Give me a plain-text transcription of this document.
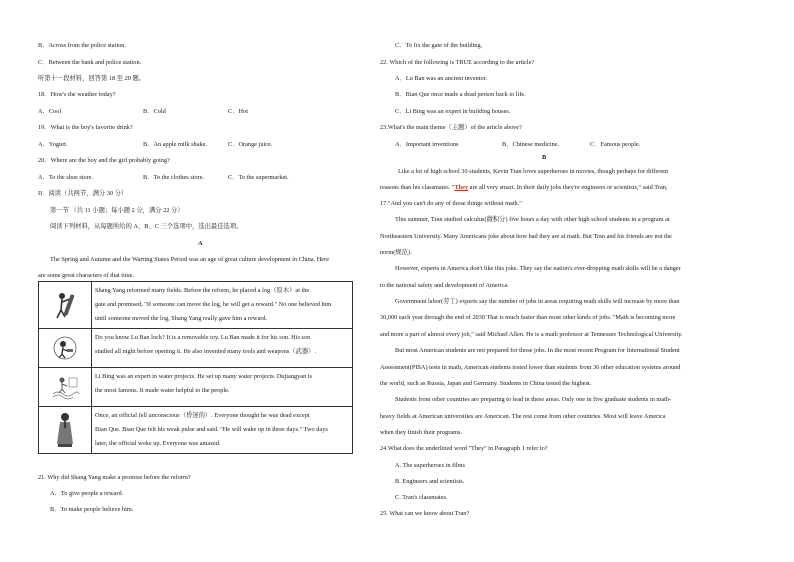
B．Across from the police station.
C．Between the bank and police station.
听第十一段材料，回答第 18 至 20 题。
18．How's the weather today?
A．Cool	B．Cold	C．Hot
19．What is the boy's favorite drink?
A．Yogurt.	B．An apple milk shake.	C．Orange juice.
20．Where are the boy and the girl probably going?
A．To the shoe store.	B．To the clothes store.	C．To the supermarket.
II．阅读（共两节，满分 30 分）
第一节 （共 11 小题；每小题 2 分，满分 22 分）
阅读下列材料，从每题所给的 A、B、C 三个选项中，选出最佳选项。
A
The Spring and Autumn and the Warring States Period was an age of great culture development in China. Here
are some great characters of that time.

Shang Yang reformed many fields. Before the reform, he placed a log（原木）at the
gate and promised, "If someone can move the log, he will get a reward." No one believed him
until someone moved the log, Shang Yang really gave him a reward.

Do you know Lu Ban lock? It is a removable toy. Lu Ban made it for his son. His son
studied all night before opening it. He also invented many tools and weapons（武器）.

Li Bing was an expert in water projects. He set up many water projects. Dujiangyan is
the most famous. It made water helpful to the people.

Once, an official fell unconscious（昏迷的）. Everyone thought he was dead except
Bian Que. Bian Que felt his weak pulse and said. "He will wake up in three days." Two days
later, the official woke up. Everyone was amazed.
21. Why did Shang Yang make a promise before the reform?
A．To give people a reward.
B．To make people believe him.
C．To fix the gate of the building.
22. Which of the following is TRUE according to the article?
A．Lu Ban was an ancient inventor.
B．Bian Que once made a dead person back to life.
C．Li Bing was an expert in building houses.
23.What's the main theme（主题）of the article above?
A．Important inventions	B．Chinese medicine.	C．Famous people.
B
Like a lot of high school 30 students, Kevin Tran loves superheroes in movies, though perhaps for different
reasons than his classmates. "They are all very smart. In their daily jobs they're engineers or scientists," said Tran,
17."And you can't do any of those things without math."
This summer, Tran studied calculus(微积分) five hours a day with other high school students in a program at
Northeastern University. Many Americans joke about how bad they are at math. But Tran and his friends are not the
norm(规范).
However, experts in America don't like this joke. They say the nation's ever-dropping math skills will be a danger
to the national safety and development of America.
Government labor(劳工) experts say the number of jobs in areas requiring math skills will increase by more than
30,000 each year through the end of 2030 That is much faster than most other kinds of jobs. "Math is becoming more
and more a part of almost every job," said Michael Allen. He is a math professor at Tennessee Technological University.
But most American students are not prepared for those jobs. In the most recent Program for International Student
Assessment(PISA) tests in math, American students tested lower than students from 36 other education systems around
the world, such as Russia, Japan and Germany. Students in China tested the highest.
Students from other countries are preparing to lead in these areas. Only one in five graduate students in math-
heavy fields at American universities are American. The rest come from other countries. Most will leave America
when they finish their programs.
24.What does the underlined word "They" in Paragraph 1 refer to?
A. The superheroes in films
B. Engineers and scientists.
C. Tran's classmates.
25. What can we know about Tran?
